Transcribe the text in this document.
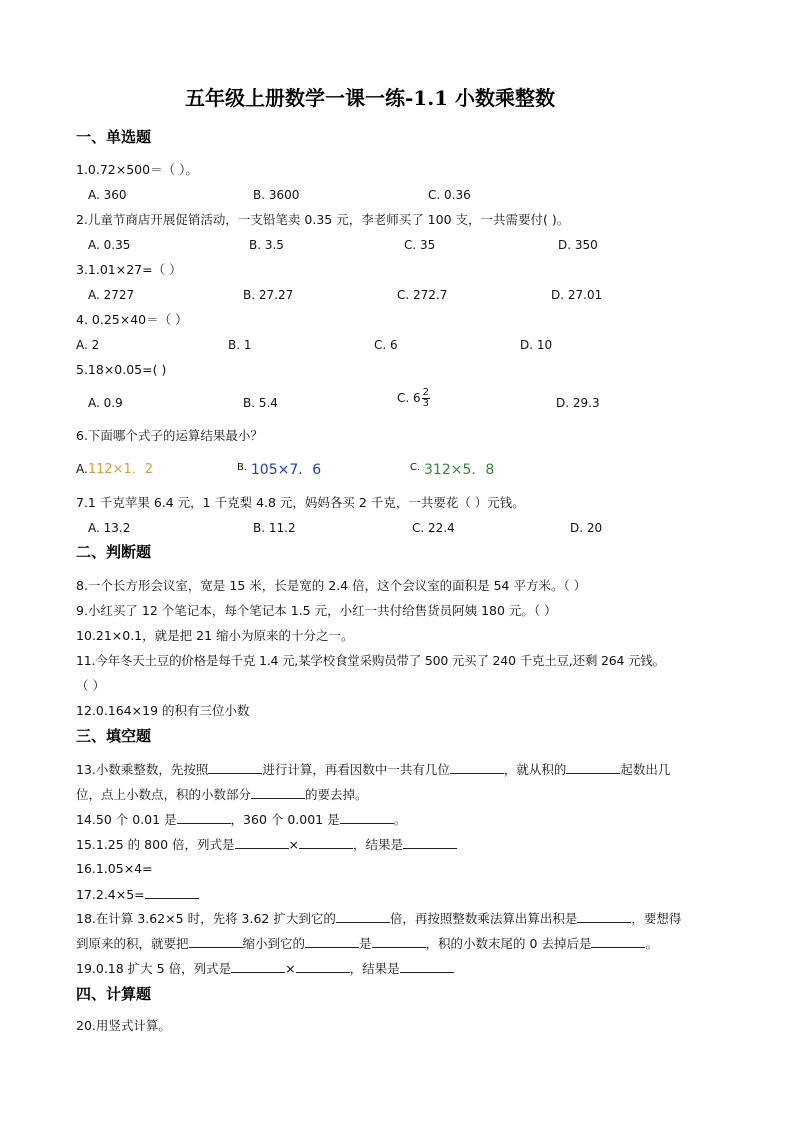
五年级上册数学一课一练-1.1 小数乘整数
一、单选题
1.0.72×500＝（ ）。
A. 360	B. 3600	C. 0.36
2.儿童节商店开展促销活动，一支铅笔卖 0.35 元，李老师买了 100 支，一共需要付( )。
A. 0.35	B. 3.5	C. 35	D. 350
3.1.01×27=（ ）
A. 2727	B. 27.27	C. 272.7	D. 27.01
4. 0.25×40＝（ ）
A. 2	B. 1	C. 6	D. 10
5.18×0.05=( )
A. 0.9	B. 5.4	C. $6 \frac{2}{3}$	D. 29.3
6.下面哪个式子的运算结果最小？
A.112×1．2	$^{B.}$ 105×7．6	$^{C.}$ 312×5．8
7.1 千克苹果 6.4 元，1 千克梨 4.8 元，妈妈各买 2 千克，一共要花（ ）元钱。
A. 13.2	B. 11.2	C. 22.4	D. 20
二、判断题
8.一个长方形会议室，宽是 15 米，长是宽的 2.4 倍，这个会议室的面积是 54 平方米。（ ）
9.小红买了 12 个笔记本，每个笔记本 1.5 元，小红一共付给售货员阿姨 180 元。（ ）
10.21×0.1，就是把 21 缩小为原来的十分之一。
11.今年冬天土豆的价格是每千克 1.4 元,某学校食堂采购员带了 500 元买了 240 千克土豆,还剩 264 元钱。
（ ）
12.0.164×19 的积有三位小数
三、填空题
13.小数乘整数，先按照	进行计算，再看因数中一共有几位	，就从积的	起数出几
位，点上小数点，积的小数部分	的要去掉。
14.50 个 0.01 是	，360 个 0.001 是	。
15.1.25 的 800 倍，列式是	×	，结果是
16.1.05×4=
17.2.4×5=
18.在计算 3.62×5 时，先将 3.62 扩大到它的	倍，再按照整数乘法算出算出积是	，要想得
到原来的积，就要把	缩小到它的	是	，积的小数末尾的 0 去掉后是	。
19.0.18 扩大 5 倍，列式是	×	，结果是
四、计算题
20.用竖式计算。
